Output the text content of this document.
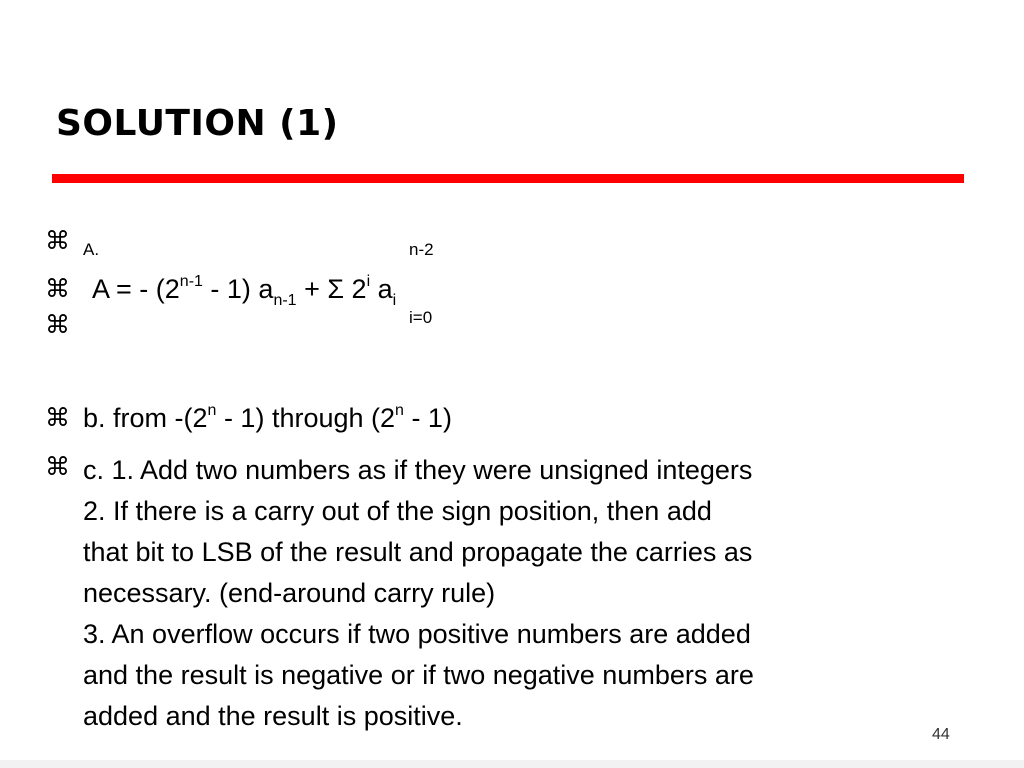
SOLUTION (1)
⌘
⌘
⌘
⌘
⌘
A.	n-2
A = - (2$^{n-1}$ - 1) $a_{n-1} + \Sigma$ 2$^i$ $a_i$
i=0
b. from -(2$^n$ - 1) through (2$^n$ - 1)
c. 1. Add two numbers as if they were unsigned integers
2. If there is a carry out of the sign position, then add
that bit to LSB of the result and propagate the carries as
necessary. (end-around carry rule)
3. An overflow occurs if two positive numbers are added
and the result is negative or if two negative numbers are
added and the result is positive.
44
